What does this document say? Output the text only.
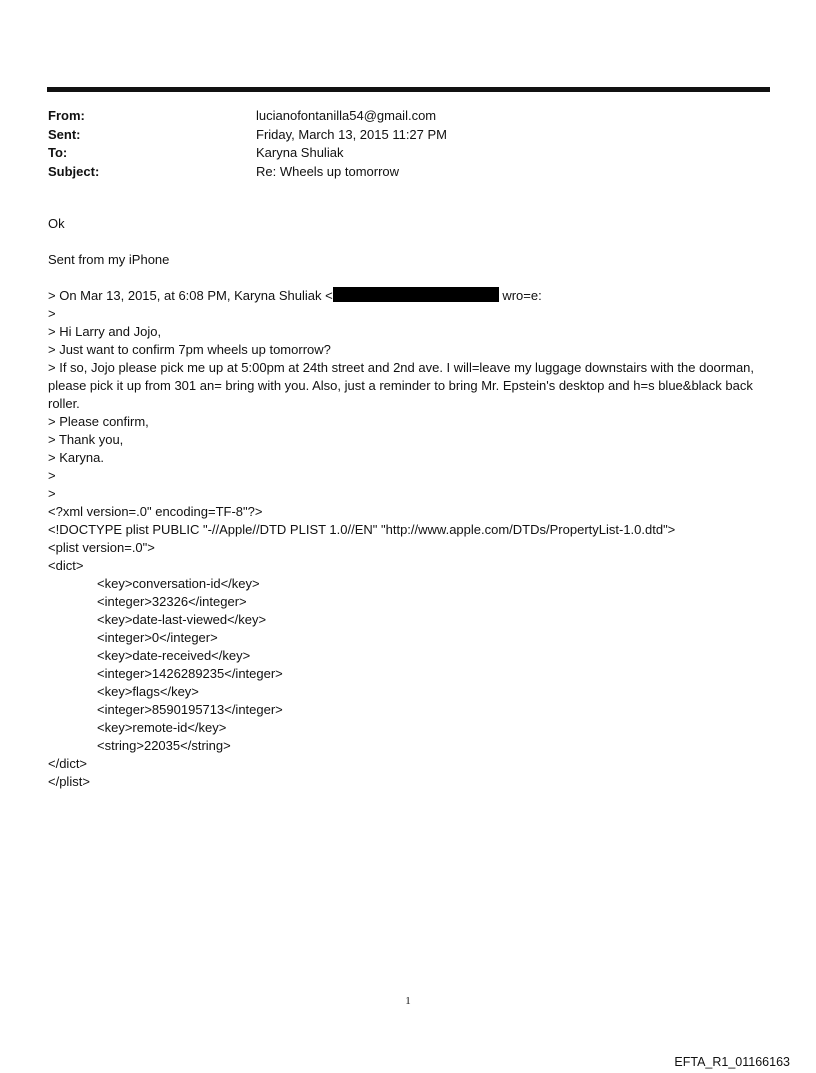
From:	lucianofontanilla54@gmail.com
Sent:	Friday, March 13, 2015 11:27 PM
To:	Karyna Shuliak
Subject:	Re: Wheels up tomorrow

Ok

Sent from my iPhone

> On Mar 13, 2015, at 6:08 PM, Karyna Shuliak <	wro=e:

>

> Hi Larry and Jojo,

> Just want to confirm 7pm wheels up tomorrow?

> If so, Jojo please pick me up at 5:00pm at 24th street and 2nd ave. I will=leave my luggage downstairs with the doorman, please pick it up from 301 an= bring with you. Also, just a reminder to bring Mr. Epstein's desktop and h=s blue&black back roller.

> Please confirm,

> Thank you,

> Karyna.

>

>

<?xml version=.0" encoding=TF-8"?>

<!DOCTYPE plist PUBLIC "-//Apple//DTD PLIST 1.0//EN" "http://www.apple.com/DTDs/PropertyList-1.0.dtd">

<plist version=.0">

<dict>

<key>conversation-id</key>

<integer>32326</integer>

<key>date-last-viewed</key>

<integer>0</integer>

<key>date-received</key>

<integer>1426289235</integer>

<key>flags</key>

<integer>8590195713</integer>

<key>remote-id</key>

<string>22035</string>

</dict>

</plist>

1
EFTA_R1_01166163
